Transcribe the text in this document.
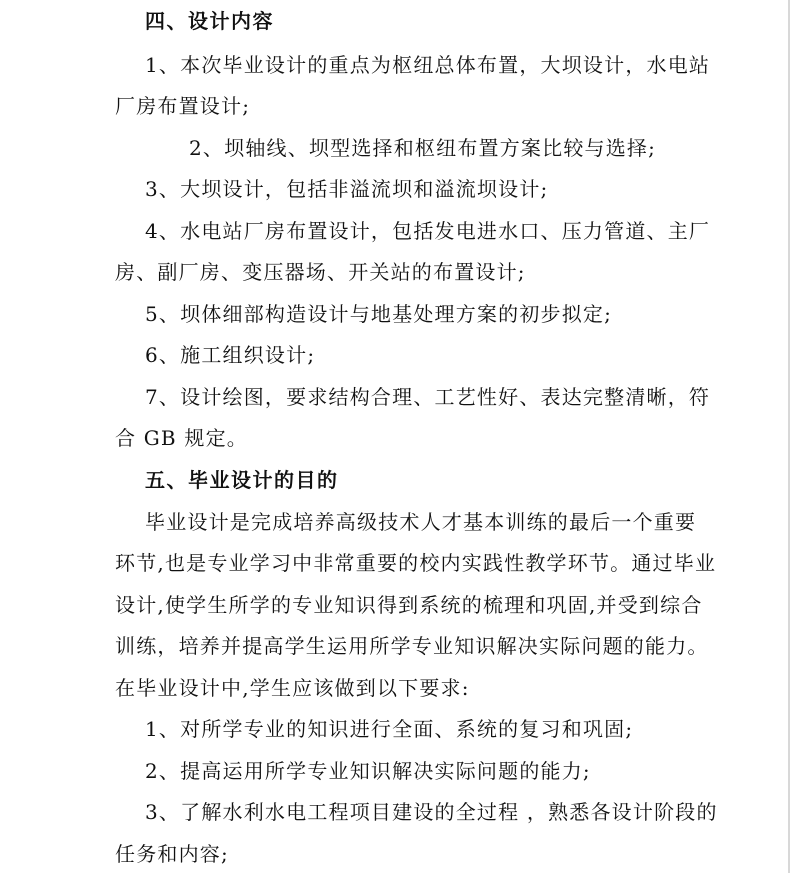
四、设计内容
1、本次毕业设计的重点为枢纽总体布置，大坝设计，水电站
厂房布置设计;
2、坝轴线、坝型选择和枢纽布置方案比较与选择;
3、大坝设计，包括非溢流坝和溢流坝设计;
4、水电站厂房布置设计，包括发电进水口、压力管道、主厂
房、副厂房、变压器场、开关站的布置设计;
5、坝体细部构造设计与地基处理方案的初步拟定;
6、施工组织设计;
7、设计绘图，要求结构合理、工艺性好、表达完整清晰，符
合 GB 规定。
五、毕业设计的目的
毕业设计是完成培养高级技术人才基本训练的最后一个重要
环节,也是专业学习中非常重要的校内实践性教学环节。通过毕业
设计,使学生所学的专业知识得到系统的梳理和巩固,并受到综合
训练，培养并提高学生运用所学专业知识解决实际问题的能力。
在毕业设计中,学生应该做到以下要求:
1、对所学专业的知识进行全面、系统的复习和巩固;
2、提高运用所学专业知识解决实际问题的能力;
3、了解水利水电工程项目建设的全过程 ，熟悉各设计阶段的
任务和内容;
